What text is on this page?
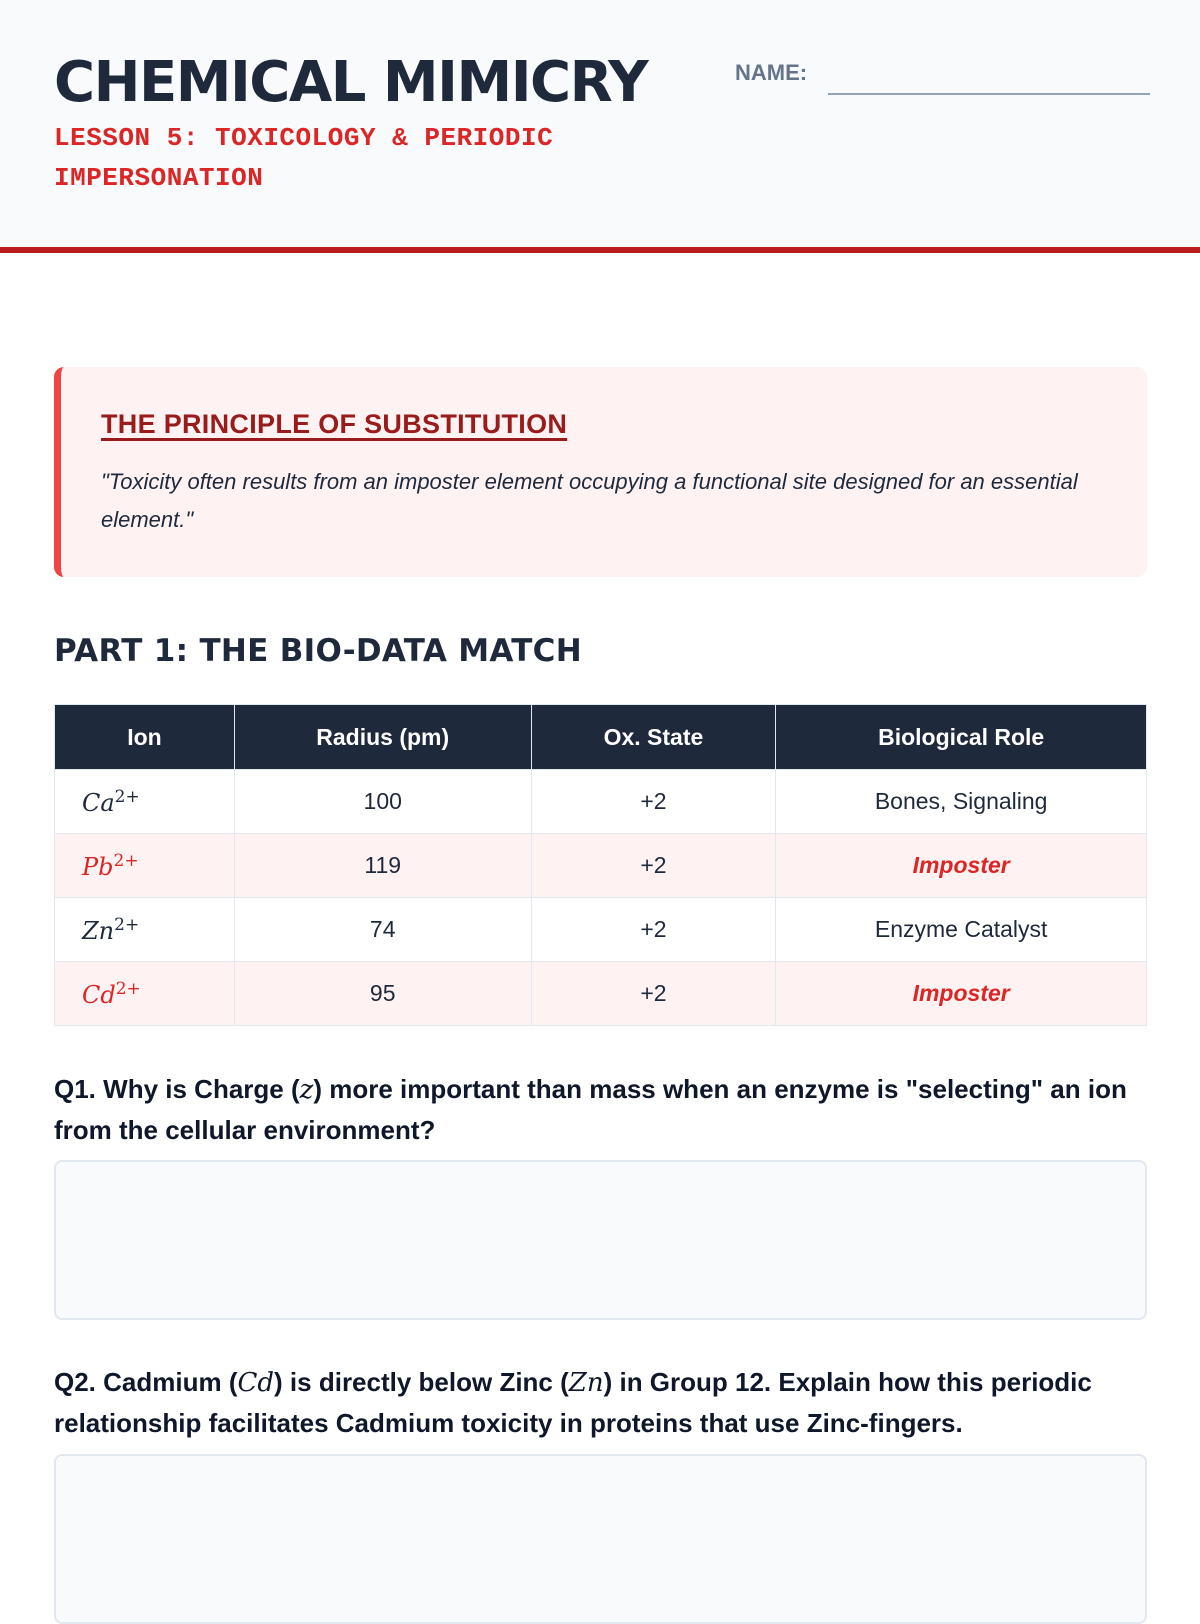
CHEMICAL MIMICRY
LESSON 5: TOXICOLOGY & PERIODIC IMPERSONATION
NAME:
THE PRINCIPLE OF SUBSTITUTION

"Toxicity often results from an imposter element occupying a functional site designed for an essential element."

PART 1: THE BIO-DATA MATCH
Ion	Radius (pm)	Ox. State	Biological Role
$Ca^{2+}$	100	+2	Bones, Signaling
$Pb^{2+}$	119	+2	Imposter
$Zn^{2+}$	74	+2	Enzyme Catalyst
$Cd^{2+}$	95	+2	Imposter

Q1. Why is Charge (z) more important than mass when an enzyme is "selecting" an ion from the cellular environment?

Q2. Cadmium (Cd) is directly below Zinc (Zn) in Group 12. Explain how this periodic relationship facilitates Cadmium toxicity in proteins that use Zinc-fingers.
